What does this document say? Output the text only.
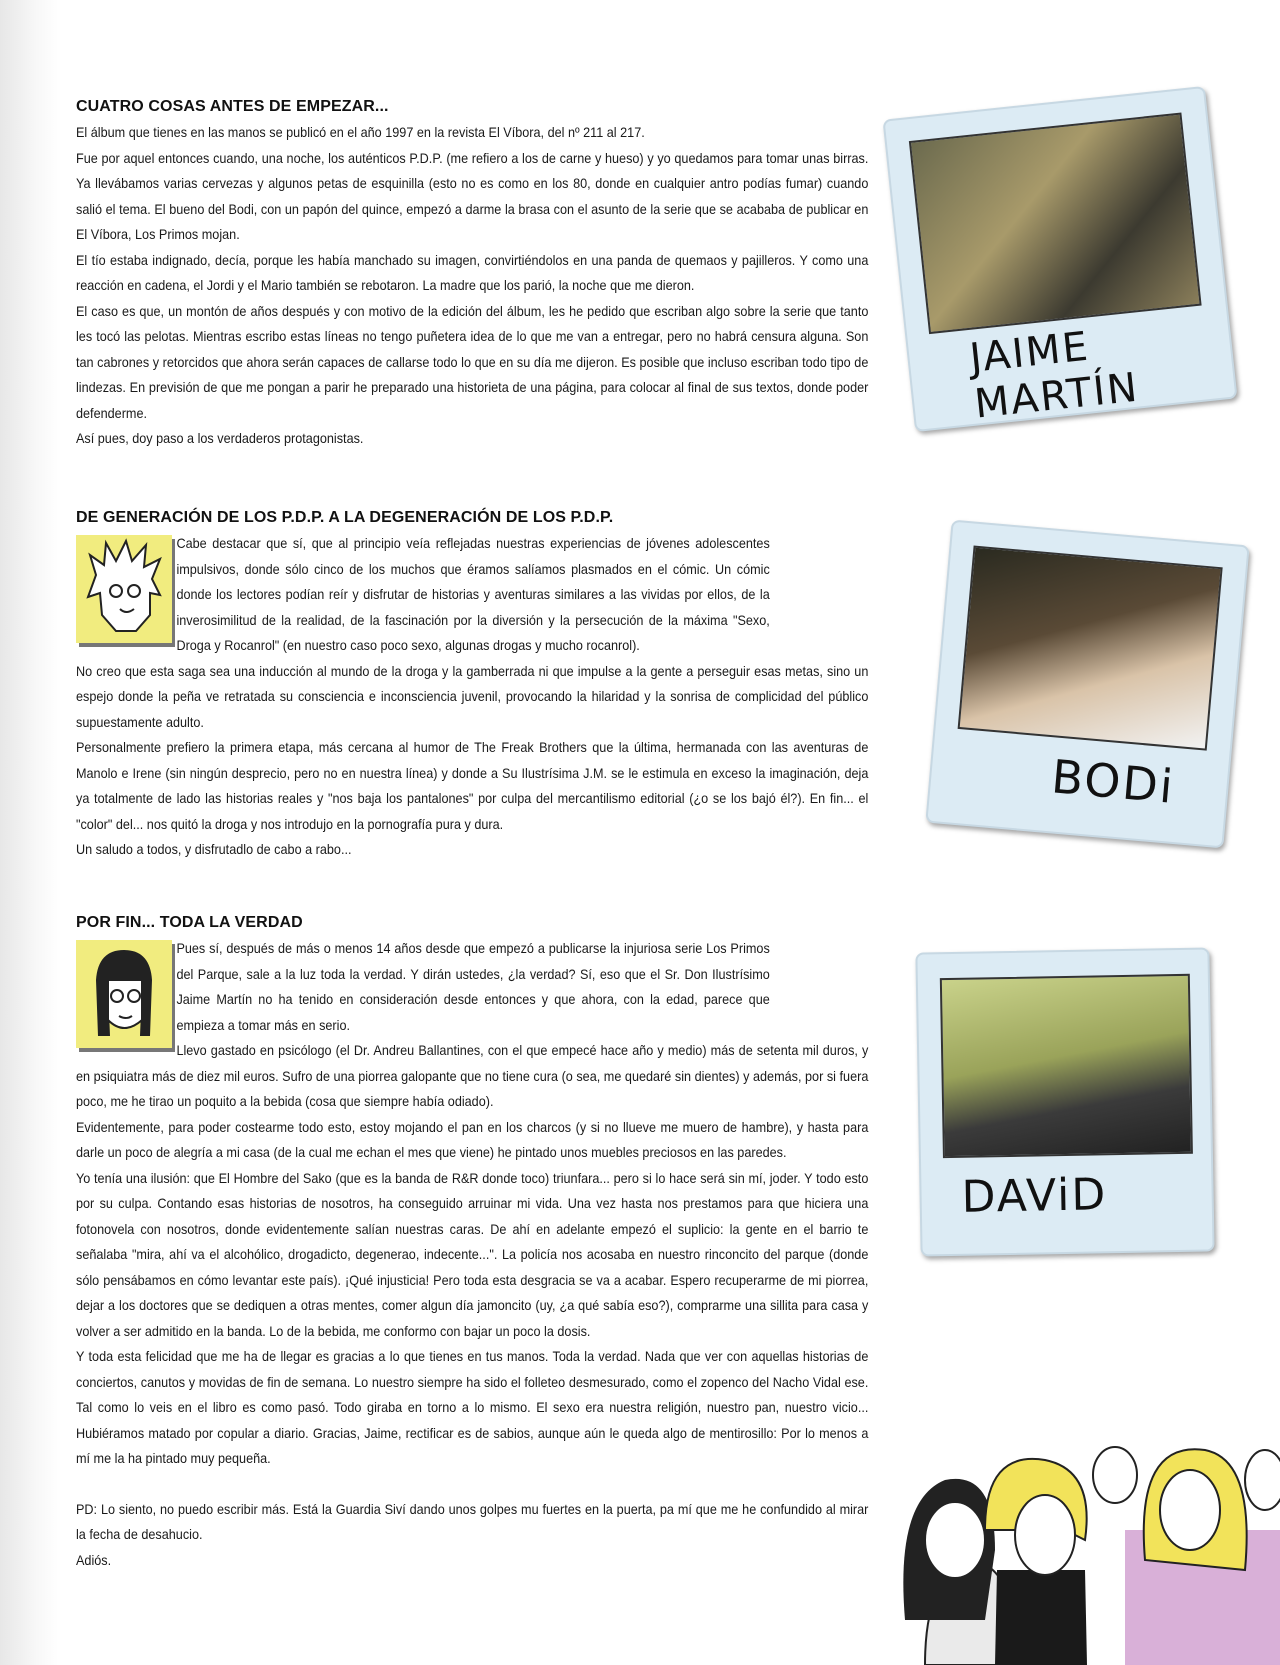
CUATRO COSAS ANTES DE EMPEZAR...

El álbum que tienes en las manos se publicó en el año 1997 en la revista El Víbora, del nº 211 al 217.

Fue por aquel entonces cuando, una noche, los auténticos P.D.P. (me refiero a los de carne y hueso) y yo quedamos para tomar unas birras. Ya llevábamos varias cervezas y algunos petas de esquinilla (esto no es como en los 80, donde en cualquier antro podías fumar) cuando salió el tema. El bueno del Bodi, con un papón del quince, empezó a darme la brasa con el asunto de la serie que se acababa de publicar en El Víbora, Los Primos mojan.

El tío estaba indignado, decía, porque les había manchado su imagen, convirtiéndolos en una panda de quemaos y pajilleros. Y como una reacción en cadena, el Jordi y el Mario también se rebotaron. La madre que los parió, la noche que me dieron.

El caso es que, un montón de años después y con motivo de la edición del álbum, les he pedido que escriban algo sobre la serie que tanto les tocó las pelotas. Mientras escribo estas líneas no tengo puñetera idea de lo que me van a entregar, pero no habrá censura alguna. Son tan cabrones y retorcidos que ahora serán capaces de callarse todo lo que en su día me dijeron. Es posible que incluso escriban todo tipo de lindezas. En previsión de que me pongan a parir he preparado una historieta de una página, para colocar al final de sus textos, donde poder defenderme.

Así pues, doy paso a los verdaderos protagonistas.

DE GENERACIÓN DE LOS P.D.P. A LA DEGENERACIÓN DE LOS P.D.P.

Cabe destacar que sí, que al principio veía reflejadas nuestras experiencias de jóvenes adolescentes impulsivos, donde sólo cinco de los muchos que éramos salíamos plasmados en el cómic. Un cómic donde los lectores podían reír y disfrutar de historias y aventuras similares a las vividas por ellos, de la inverosimilitud de la realidad, de la fascinación por la diversión y la persecución de la máxima "Sexo, Droga y Rocanrol" (en nuestro caso poco sexo, algunas drogas y mucho rocanrol).

No creo que esta saga sea una inducción al mundo de la droga y la gamberrada ni que impulse a la gente a perseguir esas metas, sino un espejo donde la peña ve retratada su consciencia e inconsciencia juvenil, provocando la hilaridad y la sonrisa de complicidad del público supuestamente adulto.

Personalmente prefiero la primera etapa, más cercana al humor de The Freak Brothers que la última, hermanada con las aventuras de Manolo e Irene (sin ningún desprecio, pero no en nuestra línea) y donde a Su Ilustrísima J.M. se le estimula en exceso la imaginación, deja ya totalmente de lado las historias reales y "nos baja los pantalones" por culpa del mercantilismo editorial (¿o se los bajó él?). En fin... el "color" del... nos quitó la droga y nos introdujo en la pornografía pura y dura.

Un saludo a todos, y disfrutadlo de cabo a rabo...

POR FIN... TODA LA VERDAD

Pues sí, después de más o menos 14 años desde que empezó a publicarse la injuriosa serie Los Primos del Parque, sale a la luz toda la verdad. Y dirán ustedes, ¿la verdad? Sí, eso que el Sr. Don Ilustrísimo Jaime Martín no ha tenido en consideración desde entonces y que ahora, con la edad, parece que empieza a tomar más en serio.

Llevo gastado en psicólogo (el Dr. Andreu Ballantines, con el que empecé hace año y medio) más de setenta mil duros, y en psiquiatra más de diez mil euros. Sufro de una piorrea galopante que no tiene cura (o sea, me quedaré sin dientes) y además, por si fuera poco, me he tirao un poquito a la bebida (cosa que siempre había odiado).

Evidentemente, para poder costearme todo esto, estoy mojando el pan en los charcos (y si no llueve me muero de hambre), y hasta para darle un poco de alegría a mi casa (de la cual me echan el mes que viene) he pintado unos muebles preciosos en las paredes.

Yo tenía una ilusión: que El Hombre del Sako (que es la banda de R&R donde toco) triunfara... pero si lo hace será sin mí, joder. Y todo esto por su culpa. Contando esas historias de nosotros, ha conseguido arruinar mi vida. Una vez hasta nos prestamos para que hiciera una fotonovela con nosotros, donde evidentemente salían nuestras caras. De ahí en adelante empezó el suplicio: la gente en el barrio te señalaba "mira, ahí va el alcohólico, drogadicto, degenerao, indecente...". La policía nos acosaba en nuestro rinconcito del parque (donde sólo pensábamos en cómo levantar este país). ¡Qué injusticia! Pero toda esta desgracia se va a acabar. Espero recuperarme de mi piorrea, dejar a los doctores que se dediquen a otras mentes, comer algun día jamoncito (uy, ¿a qué sabía eso?), comprarme una sillita para casa y volver a ser admitido en la banda. Lo de la bebida, me conformo con bajar un poco la dosis.

Y toda esta felicidad que me ha de llegar es gracias a lo que tienes en tus manos. Toda la verdad. Nada que ver con aquellas historias de conciertos, canutos y movidas de fin de semana. Lo nuestro siempre ha sido el folleteo desmesurado, como el zopenco del Nacho Vidal ese. Tal como lo veis en el libro es como pasó. Todo giraba en torno a lo mismo. El sexo era nuestra religión, nuestro pan, nuestro vicio... Hubiéramos matado por copular a diario. Gracias, Jaime, rectificar es de sabios, aunque aún le queda algo de mentirosillo: Por lo menos a mí me la ha pintado muy pequeña.

PD: Lo siento, no puedo escribir más. Está la Guardia Siví dando unos golpes mu fuertes en la puerta, pa mí que me he confundido al mirar la fecha de desahucio.

Adiós.

JAIME MARTÍN
BODi
DAViD
